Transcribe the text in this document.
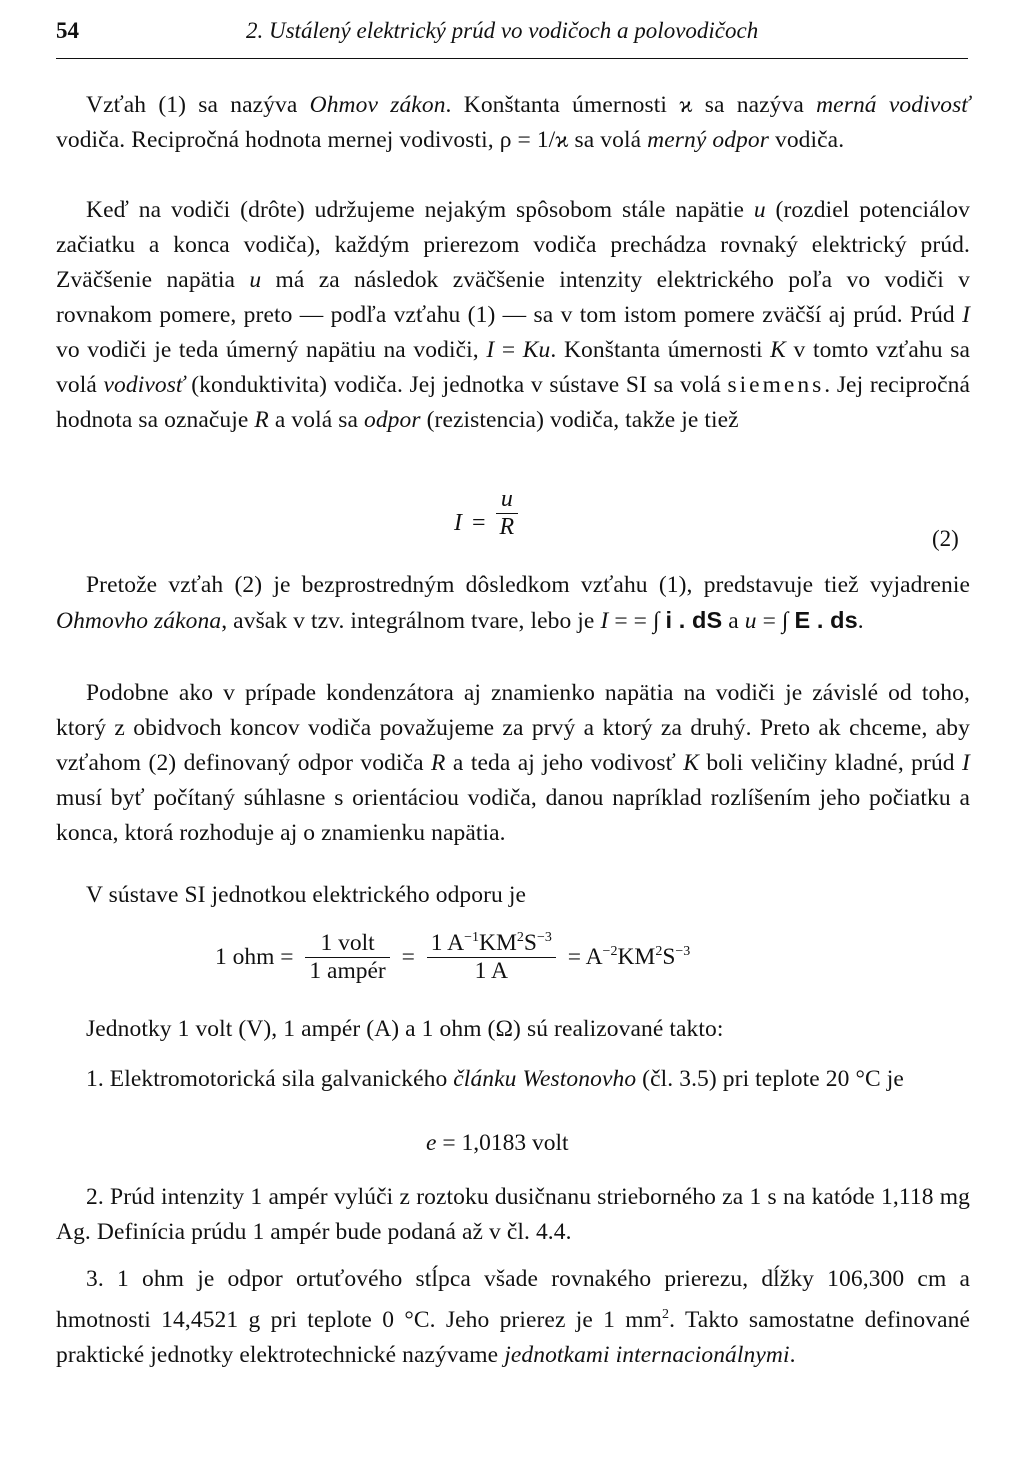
54	2. Ustálený elektrický prúd vo vodičoch a polovodičoch

Vzťah (1) sa nazýva Ohmov zákon. Konštanta úmernosti ϰ sa nazýva merná vodivosť vodiča. Recipročná hodnota mernej vodivosti, ρ = 1/ϰ sa volá merný odpor vodiča.

Keď na vodiči (drôte) udržujeme nejakým spôsobom stále napätie u (rozdiel potenciálov začiatku a konca vodiča), každým prierezom vodiča prechádza rovnaký elektrický prúd. Zväčšenie napätia u má za následok zväčšenie intenzity elektrického poľa vo vodiči v rovnakom pomere, preto — podľa vzťahu (1) — sa v tom istom pomere zväčší aj prúd. Prúd I vo vodiči je teda úmerný napätiu na vodiči, I = Ku. Konštanta úmernosti K v tomto vzťahu sa volá vodivosť (konduktivita) vodiča. Jej jednotka v sústave SI sa volá siemens. Jej recipročná hodnota sa označuje R a volá sa odpor (rezistencia) vodiča, takže je tiež

$I = \frac{u}{R}$	(2)

Pretože vzťah (2) je bezprostredným dôsledkom vzťahu (1), predstavuje tiež vyjadrenie Ohmovho zákona, avšak v tzv. integrálnom tvare, lebo je I = = ∫ i . dS a u = ∫ E . ds.

Podobne ako v prípade kondenzátora aj znamienko napätia na vodiči je závislé od toho, ktorý z obidvoch koncov vodiča považujeme za prvý a ktorý za druhý. Preto ak chceme, aby vzťahom (2) definovaný odpor vodiča R a teda aj jeho vodivosť K boli veličiny kladné, prúd I musí byť počítaný súhlasne s orientáciou vodiča, danou napríklad rozlíšením jeho počiatku a konca, ktorá rozhoduje aj o znamienku napätia.

V sústave SI jednotkou elektrického odporu je

1 ohm = $\frac{\text{1 volt}}{\text{1 ampér}} = \frac{1 A^{-1}KM^2S^{-3}}{1 A} = A^{-2}KM^2S^{-3}$

Jednotky 1 volt (V), 1 ampér (A) a 1 ohm (Ω) sú realizované takto:

1. Elektromotorická sila galvanického článku Westonovho (čl. 3.5) pri teplote 20 °C je

e = 1,0183 volt

2. Prúd intenzity 1 ampér vylúči z roztoku dusičnanu strieborného za 1 s na katóde 1,118 mg Ag. Definícia prúdu 1 ampér bude podaná až v čl. 4.4.

3. 1 ohm je odpor ortuťového stĺpca všade rovnakého prierezu, dĺžky 106,300 cm a hmotnosti 14,4521 g pri teplote 0 °C. Jeho prierez je 1 $mm^2$. Takto samostatne definované praktické jednotky elektrotechnické nazývame jednotkami internacionálnymi.
